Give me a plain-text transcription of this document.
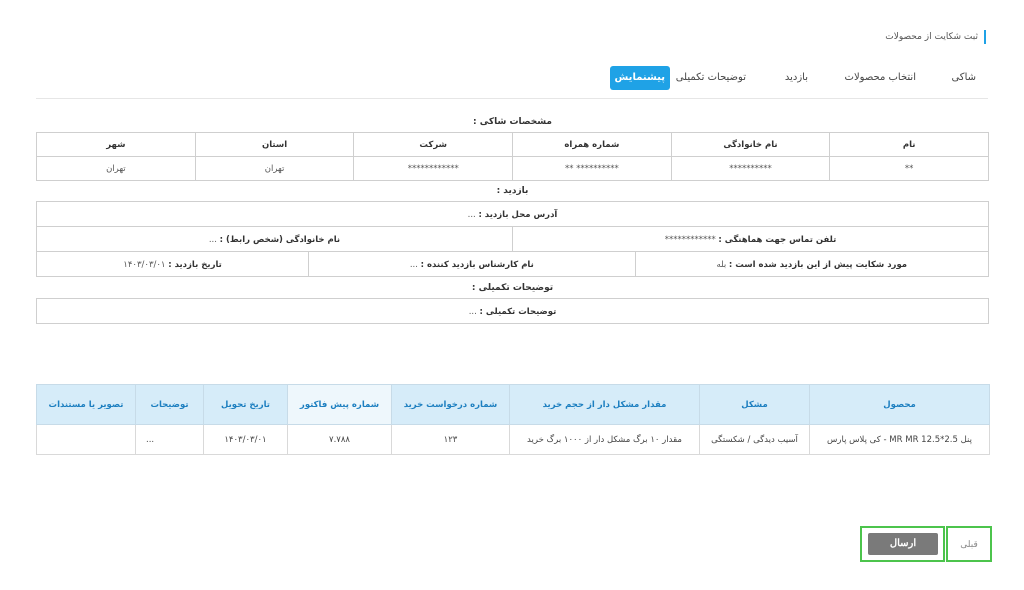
ثبت شکایت از محصولات
شاکی
انتخاب محصولات
بازدید
توضیحات تکمیلی
پیشنمایش
مشخصات شاکی :
نام	نام خانوادگی	شماره همراه	شرکت	استان	شهر
**	**********	********** **	************	تهران	تهران
بازدید :
آدرس محل بازدید : ...
تلفن تماس جهت هماهنگی : ************
نام خانوادگی (شخص رابط) : ...
مورد شکایت پیش از این بازدید شده است : بله
نام کارشناس بازدید کننده : ...
تاریخ بازدید : ۱۴۰۳/۰۳/۰۱
توضیحات تکمیلی :
توضیحات تکمیلی : ...
محصول	مشکل	مقدار مشکل دار از حجم خرید	شماره درخواست خرید	شماره پیش فاکتور	تاریخ تحویل	توضیحات	تصویر یا مستندات
پنل MR MR 12.5*2.5 - کی پلاس پارس	آسیب دیدگی / شکستگی	مقدار ۱۰ برگ مشکل دار از ۱۰۰۰ برگ خرید	۱۲۳	۷.۷۸۸	۱۴۰۳/۰۳/۰۱	...	
ارسال	قبلی
